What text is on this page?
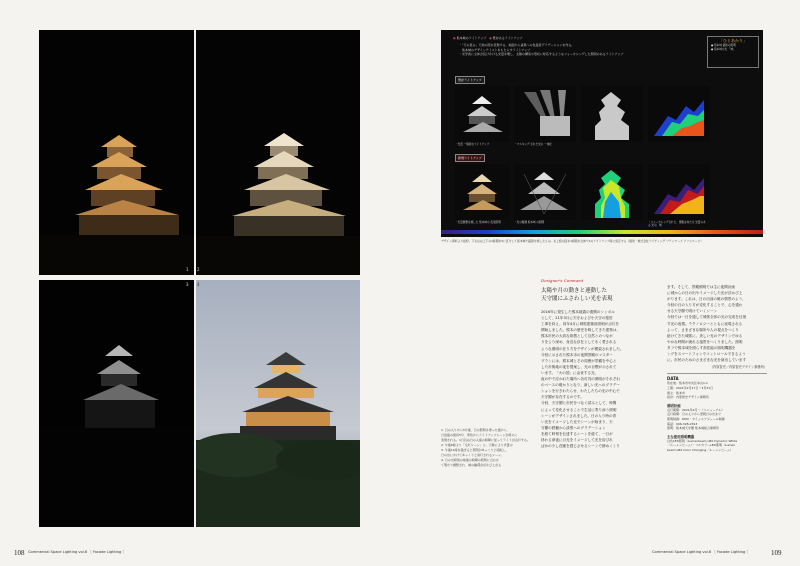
1 2
3 4
108 Commercial Space Lighting vol.6 ［ Facade Lighting ］
● 熊本城のライトアップ ● 既存あるライトアップ
・「天の恵み」天地の照を表現する。地面から漆黒への色温度グラデーションを作る。
　熊本城のデザインテイストをもたらすライトアップ
・光学的に全体が投げかける光量を増し、太陽の構造や形状に呼応するようなフォーカシングした照明のあるライトアップ
「ひとあかり」
● 熊本城 最新の照明
● 熊本城の光 「城」
既存ライトアップ
・光量 一般的なライトアップ	・マスキング された光の 一体化
新規ライトアップ
・光量調整を施した 熊本城の 夜景照明	・光の階調 熊本城 の照明	・フォーカシングされた、情報を持たせ 光量のある 光の、城
デザイン資料より抜粋。下左右は上下の1時間を5に区分して熊本城で撮影を施したもの。右上組の図を1時間を全体で1のライトアップ時に設定する（提供・株式会社ライティング プランナーズ アソシエーツ）
1. 日の入りから5分後、日の照明を得った後から、
日没後の最初5分、青色からライトアップシーンが徐々に
表現される。1日目は日の入後の時間に従ってライトが点灯する。
2. 午後6時より「全灯シーン」に。天候により光量の
3. 午後11時を過ぎると照明がゆっくりと暗転し、
日の出にかけてゆっくりと消灯されるシーン。
4. 日の出時刻の前後の時間の照明に合わせ
て明かり調整され、城の輪郭が浮かび上がる
Designer's Comment
太陽や月の動きと連動した
天守閣にふさわしい光を表現
2016年に発生した熊本地震の復興のシンボル
として、21年3月に天守および小天守の復旧
工事を終え、同年4月に城郭建築用照明が点灯を
開始しました。熊本の歴史を映してきた建物は、
熊本市民の大切な象徴として自然とのつなが
りをより深め、身近な存在として永く愛される
ような照明の在り方をデザインが模索されました。
今回に示された熊本市の夜間景観のマスター
プランには、熊本城とその周囲が景観を中心と
した市街地の夜を提案し、光の目標が示されて
います。「火の国」に由来する光、
夜の中で浮かれた場所へ各灯具の照明がそれぞれ
のベースの明かりとなり、新しい光へのグラデー
ションを行きわたらせ、わたしたちの光の中心で
天守閣が存在するのです。
今回、天守閣と市民をつなぐ試みとして、時間
によって変化させることで生活に寄り添う照明
シーンがデザインされました。日の入り時の青
い光をイメージした光でシーンが始まり、天
守閣の鉄柵から漆黒へのグラデーション
を経て時刻を伝達するシーンを経て、一日が
終わる深夜に月光をイメージして光を浴びれ
ばかの少し荘厳を感じさせるシーンで締めくくり
ます。そして、景観照明では主に夜間計画
に城からの日の出やイメージした光が浮かび上
がります。これは、日の出前の暁の情景のよう、
今回の日の入り方が変化することで、心を通わ
せる天守閣で明けていくシーン
今回では一日を通して城郭全体の光の完成を目指
す光の表情。テクノロジーとともに表現される
よって、さまざまな場所や人の視点をつくり
続けてきた城郭に、美しい光のデザインでゆる
やかな時間が流れる風景をつくりました。照明
タフで熊本城を照らす高性能の照明機器を
ングをスマートフォンでコントロールできるよう
に。市民のためのさまざまな光を演出しています
（内原智史／内原智史デザイン事務所）
DATA
所在地：熊本市中央区本丸1-1
工期：2021年2月17日〜3月31日
施主：熊本市
設計：内原智史デザイン事務所
照明計画
点灯期間：2021年4月〜（リニューアル）
点灯時間：日の入りから翌朝日の出まで
照明制御：DMX・タイムスケジュール制御
電話：096-328-2393
照明：熊本城天守閣 熊本城総合事務所
主な使用照明機器
白色LED照明（Lumenbeam LBX Dynamic White
／ルーメンビーム）・フルカラーLED照明（Lumen
beam LBX Color Changing／ルーメンビーム）
Commercial Space Lighting vol.6 ［ Facade Lighting ］	109
